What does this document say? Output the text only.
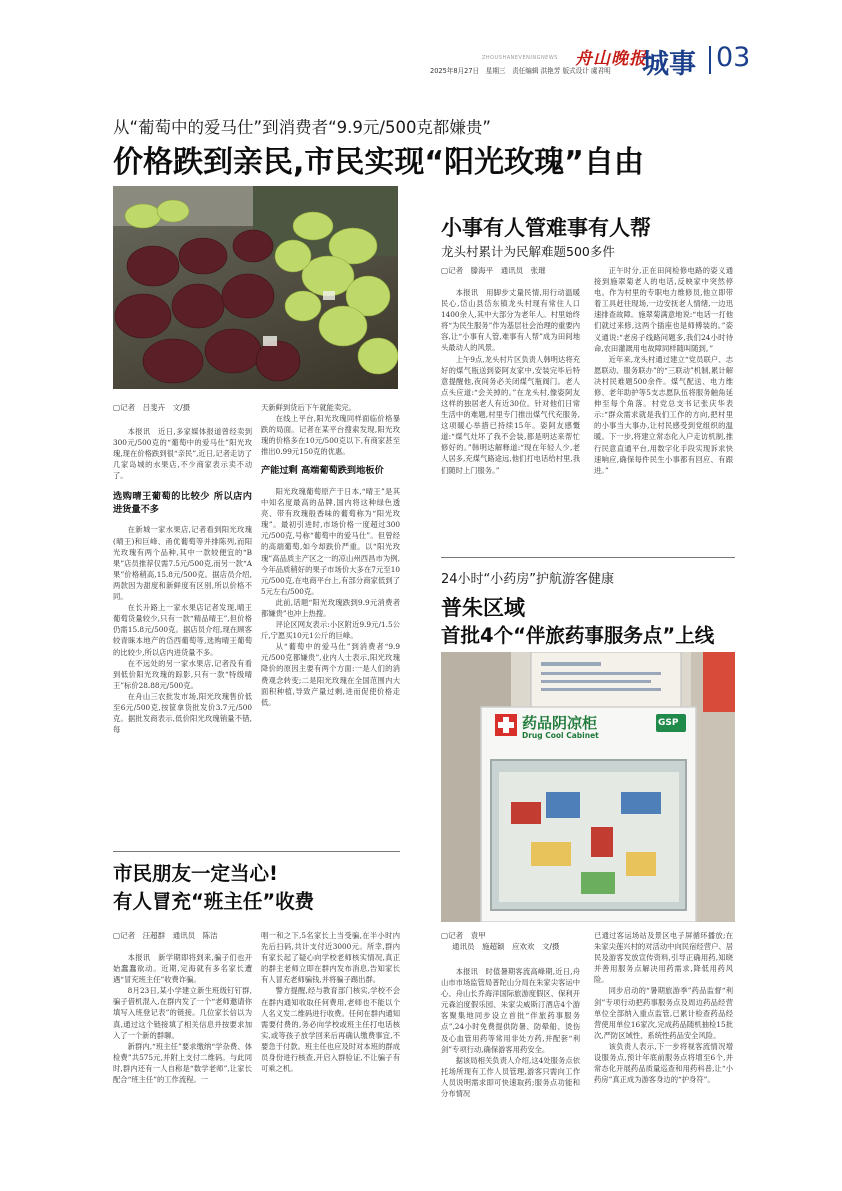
ZHOUSHANEVENINGNEWS 舟山晚报
2025年8月27日　星期三　责任编辑 洪艳芳 版式设计 虞君明 城事 03
从“葡萄中的爱马仕”到消费者“9.9元/500克都嫌贵”
价格跌到亲民,市民实现“阳光玫瑰”自由
▢记者　吕斐卉　文/摄

本报讯　近日,多家媒体报道曾经卖到300元/500克的“葡萄中的爱马仕”阳光玫瑰,现在价格跌到很“亲民”,近日,记者走访了几家岛城的水果店,不少商家表示卖不动了。

选购晴王葡萄的比较少 所以店内进货量不多

在新城一家水果店,记者看到阳光玫瑰(晴王)和巨峰、甬优葡萄等并排陈列,而阳光玫瑰有两个品种,其中一款较便宜的“B果”店员推荐仅需7.5元/500克,而另一款“A果”价格稍高,15.8元/500克。据店员介绍,两款因为甜度和新鲜度有区别,所以价格不同。

在长升路上一家水果店记者发现,晴王葡萄货量较少,只有一款“精品晴王”,但价格仍需15.8元/500克。据店员介绍,现在顾客较青睐本地产的岱西葡萄等,选购晴王葡萄的比较少,所以店内进货量不多。

在不远处的另一家水果店,记者没有看到低价阳光玫瑰的踪影,只有一款“特级晴王”标价28.88元/500克。

在舟山三农批发市场,阳光玫瑰售价低至6元/500克,按筐拿货批发价3.7元/500克。据批发商表示,低价阳光玫瑰销量不错,每

天新鲜到货后下午就能卖完。

在线上平台,阳光玫瑰同样面临价格暴跌的局面。记者在某平台搜索发现,阳光玫瑰的价格多在10元/500克以下,有商家甚至推出0.99元150克的优惠。

产能过剩 高端葡萄跌到地板价

阳光玫瑰葡萄原产于日本,“晴王”是其中知名度最高的品牌,国内将这种绿色透亮、带有玫瑰般香味的葡萄称为“阳光玫瑰”。最初引进时,市场价格一度超过300元/500克,号称“葡萄中的爱马仕”。但曾经的高端葡萄,如今却跌价严重。以“阳光玫瑰”高品质主产区之一的凉山州西昌市为例,今年品质稍好的果子市场价大多在7元至10元/500克,在电商平台上,有部分商家低到了5元左右/500克。

此前,话题“阳光玫瑰跌到9.9元消费者都嫌贵”也冲上热搜。

评论区网友表示:小区附近9.9元/1.5公斤,宁愿买10元1公斤的巨峰。

从“葡萄中的爱马仕”到消费者“9.9元/500克都嫌贵”,业内人士表示,阳光玫瑰降价的原因主要有两个方面:一是人们的消费观念转变;二是阳光玫瑰在全国范围内大面积种植,导致产量过剩,进而促使价格走低。

小事有人管难事有人帮
龙头村累计为民解难题500多件
▢记者　滕海平　通讯员　张璀

本报讯　用脚步丈量民情,用行动温暖民心,岱山县岱东镇龙头村现有常住人口1400余人,其中大部分为老年人。村里始终将“为民生服务”作为基层社会治理的重要内容,让“小事有人管,难事有人帮”成为田间地头最动人的风景。

上午9点,龙头村片区负责人韩明达将充好的煤气瓶送到姿阿友家中,安装完毕后特意提醒他,夜间务必关闭煤气瓶阀门。老人点头应道:“会关掉的。”在龙头村,像姿阿友这样的独居老人有近30位。针对他们日常生活中的难题,村里专门推出煤气代充服务,这项暖心举措已持续15年。姿阿友感慨道:“煤气灶坏了我不会装,都是明达来帮忙修好的。”韩明达解释道:“现在年轻人少,老人居多,充煤气路途远,他们打电话给村里,我们随时上门服务。”

正午时分,正在田间检修电路的姿义通接到施翠菊老人的电话,反映家中突然停电。作为村里的专职电力维修员,他立即带着工具赶往现场,一边安抚老人情绪,一边迅速排查故障。施翠菊满意地说:“电话一打他们就过来修,这两个插座也是师傅装的。”姿义通说:“老房子线路问题多,我们24小时待命,农田灌溉用电故障同样随叫随到。”

近年来,龙头村通过建立“党员联户、志愿联动、服务联办”的“三联动”机制,累计解决村民难题500余件。煤气配送、电力维修、老年助护等5支志愿队伍将服务触角延伸至每个角落。村党总支书记张庆华表示:“群众需求就是我们工作的方向,把村里的小事当大事办,让村民感受到党组织的温暖。下一步,将建立常态化入户走访机制,推行民意直通平台,用数字化手段实现诉求快速响应,确保每件民生小事都有回应、有跟进。”

24小时“小药房”护航游客健康
普朱区域
首批4个“伴旅药事服务点”上线
药品阴凉柜
Drug Cool Cabinet
GSP
▢记者　袁甲
通讯员　施超颖　应欢欢　文/摄

本报讯　时值暑期客流高峰期,近日,舟山市市场监管局普陀山分局在朱家尖客运中心、舟山长乔海洋国际旅游度假区、保利开元森泊度假乐园、朱家尖威斯汀酒店4个游客聚集地同步设立首批“伴旅药事服务点”,24小时免费提供防暑、防晕船、烫伤及心血管用药等常用非处方药,并配套“利剑”专项行动,确保游客用药安全。

据该局相关负责人介绍,这4处服务点依托场所现有工作人员管理,游客只需向工作人员说明需求即可快速取药;服务点功能和分布情况

已通过客运场站及景区电子屏循环播放;在朱家尖莲兴村的对活动中向民宿经营户、居民及游客发放宣传资料,引导正确用药,知晓并善用服务点解决用药需求,降低用药风险。

同步启动的“暑期旅游季”药品监督“利剑”专项行动把药事服务点及周边药品经营单位全部纳入重点监管,已累计检查药品经营使用单位16家次,完成药品随机抽检15批次,严防区域性、系统性药品安全风险。

该负责人表示,下一步将视客流情况增设服务点,预计年底前服务点将增至6个,并常态化开展药品质量巡查和用药科普,让“小药房”真正成为游客身边的“护身符”。

市民朋友一定当心!
有人冒充“班主任”收费
▢记者　汪超群　通讯员　陈洁

本报讯　新学期即将到来,骗子们也开始蠢蠢欲动。近期,定海就有多名家长遭遇“冒充班主任”收费诈骗。

8月23日,某小学建立新生班级钉钉群,骗子借机混入,在群内发了一个“老师邀请你填写入班登记表”的链接。几位家长信以为真,通过这个链接填了相关信息并按要求加入了一个新的群聊。

新群内,“班主任”要求缴纳“学杂费、体检费”共575元,并附上支付二维码。与此同时,群内还有一人自称是“数学老师”,让家长配合“班主任”的工作流程。一

唱一和之下,5名家长上当受骗,在半小时内先后扫码,共计支付近3000元。所幸,群内有家长起了疑心向学校老师核实情况,真正的群主老师立即在群内发布消息,告知家长有人冒充老师骗钱,并将骗子踢出群。

警方提醒,经与教育部门核实,学校不会在群内通知收取任何费用,老师也不能以个人名义发二维码进行收费。任何在群内通知需要付费的,务必向学校或班主任打电话核实,或等孩子放学回来后再确认缴费事宜,不要急于付款。班主任也应及时对本班的群成员身份进行核查,开启入群验证,不让骗子有可乘之机。
